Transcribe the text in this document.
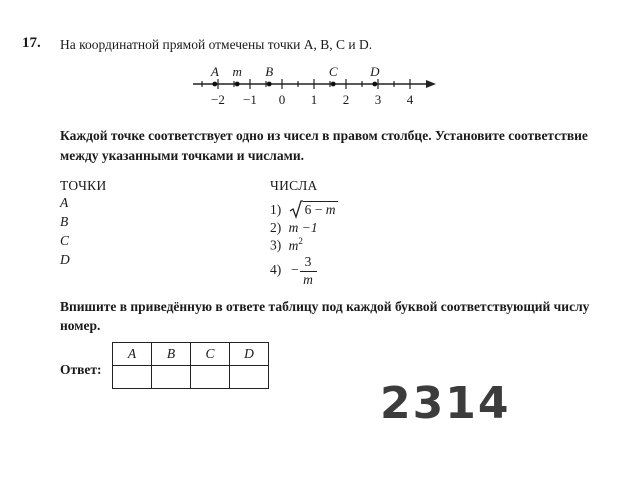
17. На координатной прямой отмечены точки A, B, C и D.
−2 −1 0 1 2 3 4
A m B	C	D
Каждой точке соответствует одно из чисел в правом столбце. Установите соответствие
между указанными точками и числами.
ТОЧКИ
A
B
C
D
ЧИСЛА
1) 6 − m
2) m −1
3) $m^2$
4) −
3
m
Впишите в приведённую в ответе таблицу под каждой буквой соответствующий числу
номер.
Ответ:
A	B	C	D

2314
